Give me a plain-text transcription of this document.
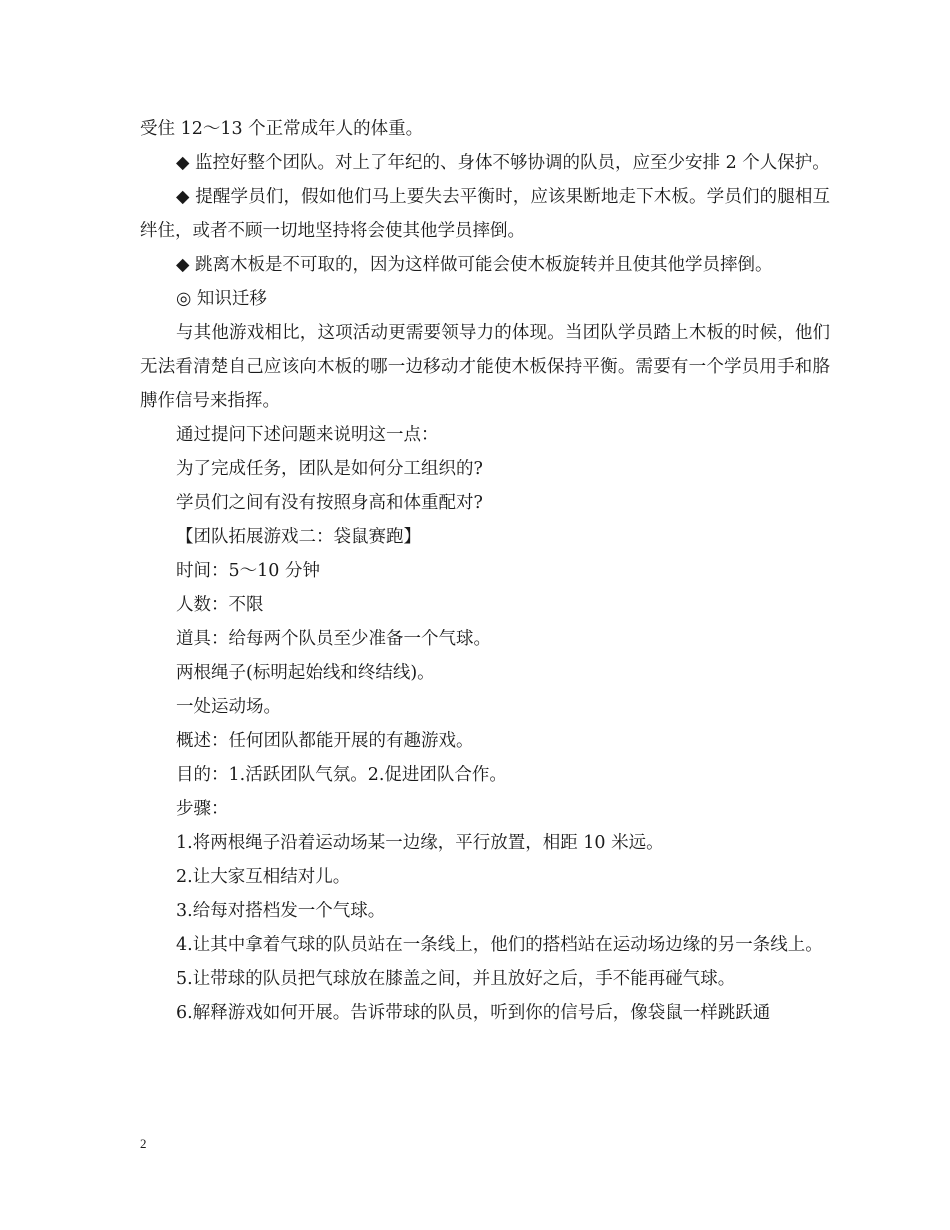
受住 12～13 个正常成年人的体重。

◆ 监控好整个团队。对上了年纪的、身体不够协调的队员，应至少安排 2 个人保护。

◆ 提醒学员们，假如他们马上要失去平衡时，应该果断地走下木板。学员们的腿相互绊住，或者不顾一切地坚持将会使其他学员摔倒。

◆ 跳离木板是不可取的，因为这样做可能会使木板旋转并且使其他学员摔倒。

◎ 知识迁移

与其他游戏相比，这项活动更需要领导力的体现。当团队学员踏上木板的时候，他们无法看清楚自己应该向木板的哪一边移动才能使木板保持平衡。需要有一个学员用手和胳膊作信号来指挥。

通过提问下述问题来说明这一点：

为了完成任务，团队是如何分工组织的?

学员们之间有没有按照身高和体重配对?

【团队拓展游戏二：袋鼠赛跑】

时间：5～10 分钟

人数：不限

道具：给每两个队员至少准备一个气球。

两根绳子(标明起始线和终结线)。

一处运动场。

概述：任何团队都能开展的有趣游戏。

目的：1.活跃团队气氛。2.促进团队合作。

步骤：

1.将两根绳子沿着运动场某一边缘，平行放置，相距 10 米远。

2.让大家互相结对儿。

3.给每对搭档发一个气球。

4.让其中拿着气球的队员站在一条线上，他们的搭档站在运动场边缘的另一条线上。

5.让带球的队员把气球放在膝盖之间，并且放好之后，手不能再碰气球。

6.解释游戏如何开展。告诉带球的队员，听到你的信号后，像袋鼠一样跳跃通

2
